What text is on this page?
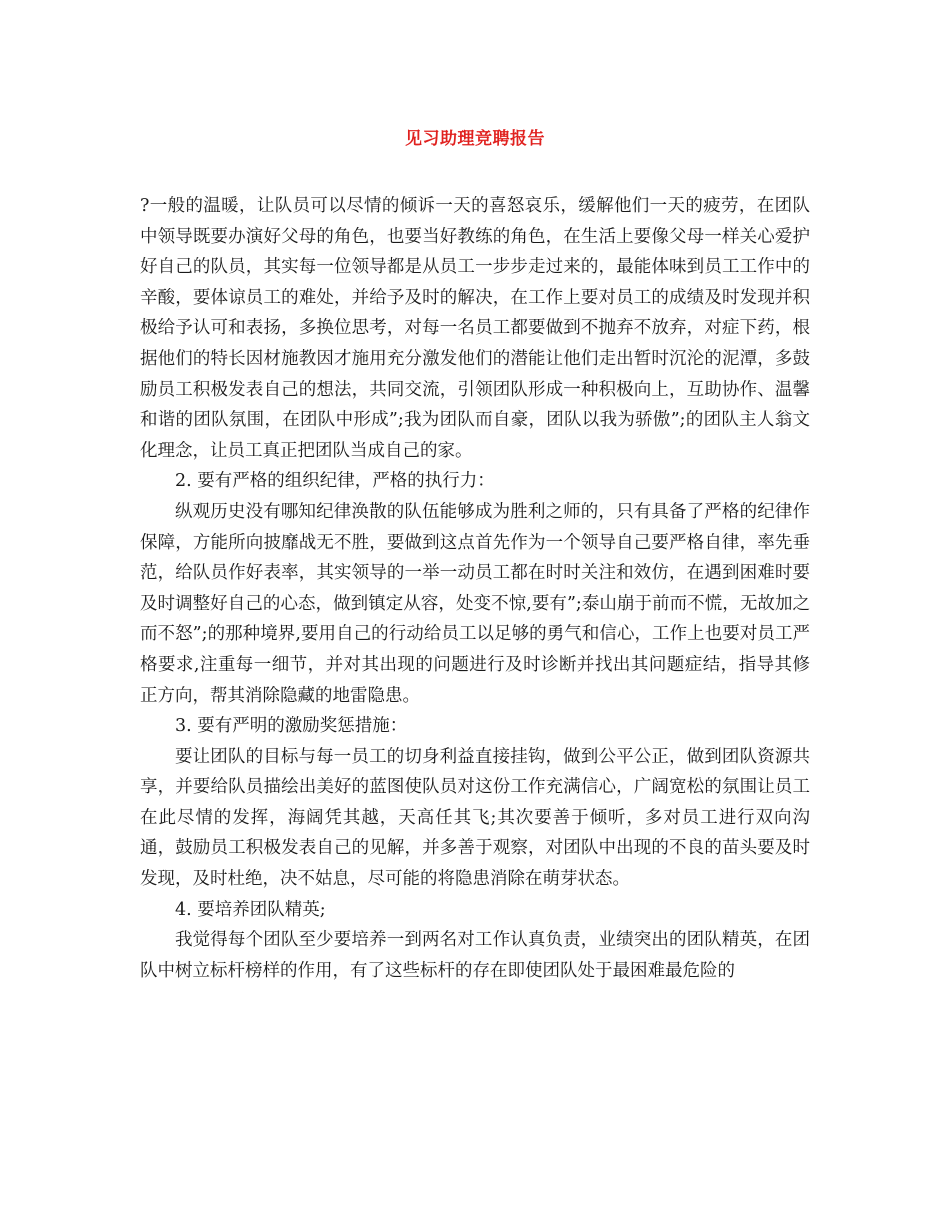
见习助理竞聘报告

?一般的温暖，让队员可以尽情的倾诉一天的喜怒哀乐，缓解他们一天的疲劳，在团队中领导既要办演好父母的角色，也要当好教练的角色，在生活上要像父母一样关心爱护好自己的队员，其实每一位领导都是从员工一步步走过来的，最能体味到员工工作中的辛酸，要体谅员工的难处，并给予及时的解决，在工作上要对员工的成绩及时发现并积极给予认可和表扬，多换位思考，对每一名员工都要做到不抛弃不放弃，对症下药，根据他们的特长因材施教因才施用充分激发他们的潜能让他们走出暂时沉沦的泥潭，多鼓励员工积极发表自己的想法，共同交流，引领团队形成一种积极向上，互助协作、温馨和谐的团队氛围，在团队中形成”;我为团队而自豪，团队以我为骄傲”;的团队主人翁文化理念，让员工真正把团队当成自己的家。

2. 要有严格的组织纪律，严格的执行力：

纵观历史没有哪知纪律涣散的队伍能够成为胜利之师的，只有具备了严格的纪律作保障，方能所向披靡战无不胜，要做到这点首先作为一个领导自己要严格自律，率先垂范，给队员作好表率，其实领导的一举一动员工都在时时关注和效仿，在遇到困难时要及时调整好自己的心态，做到镇定从容，处变不惊,要有”;泰山崩于前而不慌，无故加之而不怒”;的那种境界,要用自己的行动给员工以足够的勇气和信心，工作上也要对员工严格要求,注重每一细节，并对其出现的问题进行及时诊断并找出其问题症结，指导其修正方向，帮其消除隐藏的地雷隐患。

3. 要有严明的激励奖惩措施：

要让团队的目标与每一员工的切身利益直接挂钩，做到公平公正，做到团队资源共享，并要给队员描绘出美好的蓝图使队员对这份工作充满信心，广阔宽松的氛围让员工在此尽情的发挥，海阔凭其越，天高任其飞;其次要善于倾听，多对员工进行双向沟通，鼓励员工积极发表自己的见解，并多善于观察，对团队中出现的不良的苗头要及时发现，及时杜绝，决不姑息，尽可能的将隐患消除在萌芽状态。

4. 要培养团队精英;

我觉得每个团队至少要培养一到两名对工作认真负责，业绩突出的团队精英，在团队中树立标杆榜样的作用，有了这些标杆的存在即使团队处于最困难最危险的
